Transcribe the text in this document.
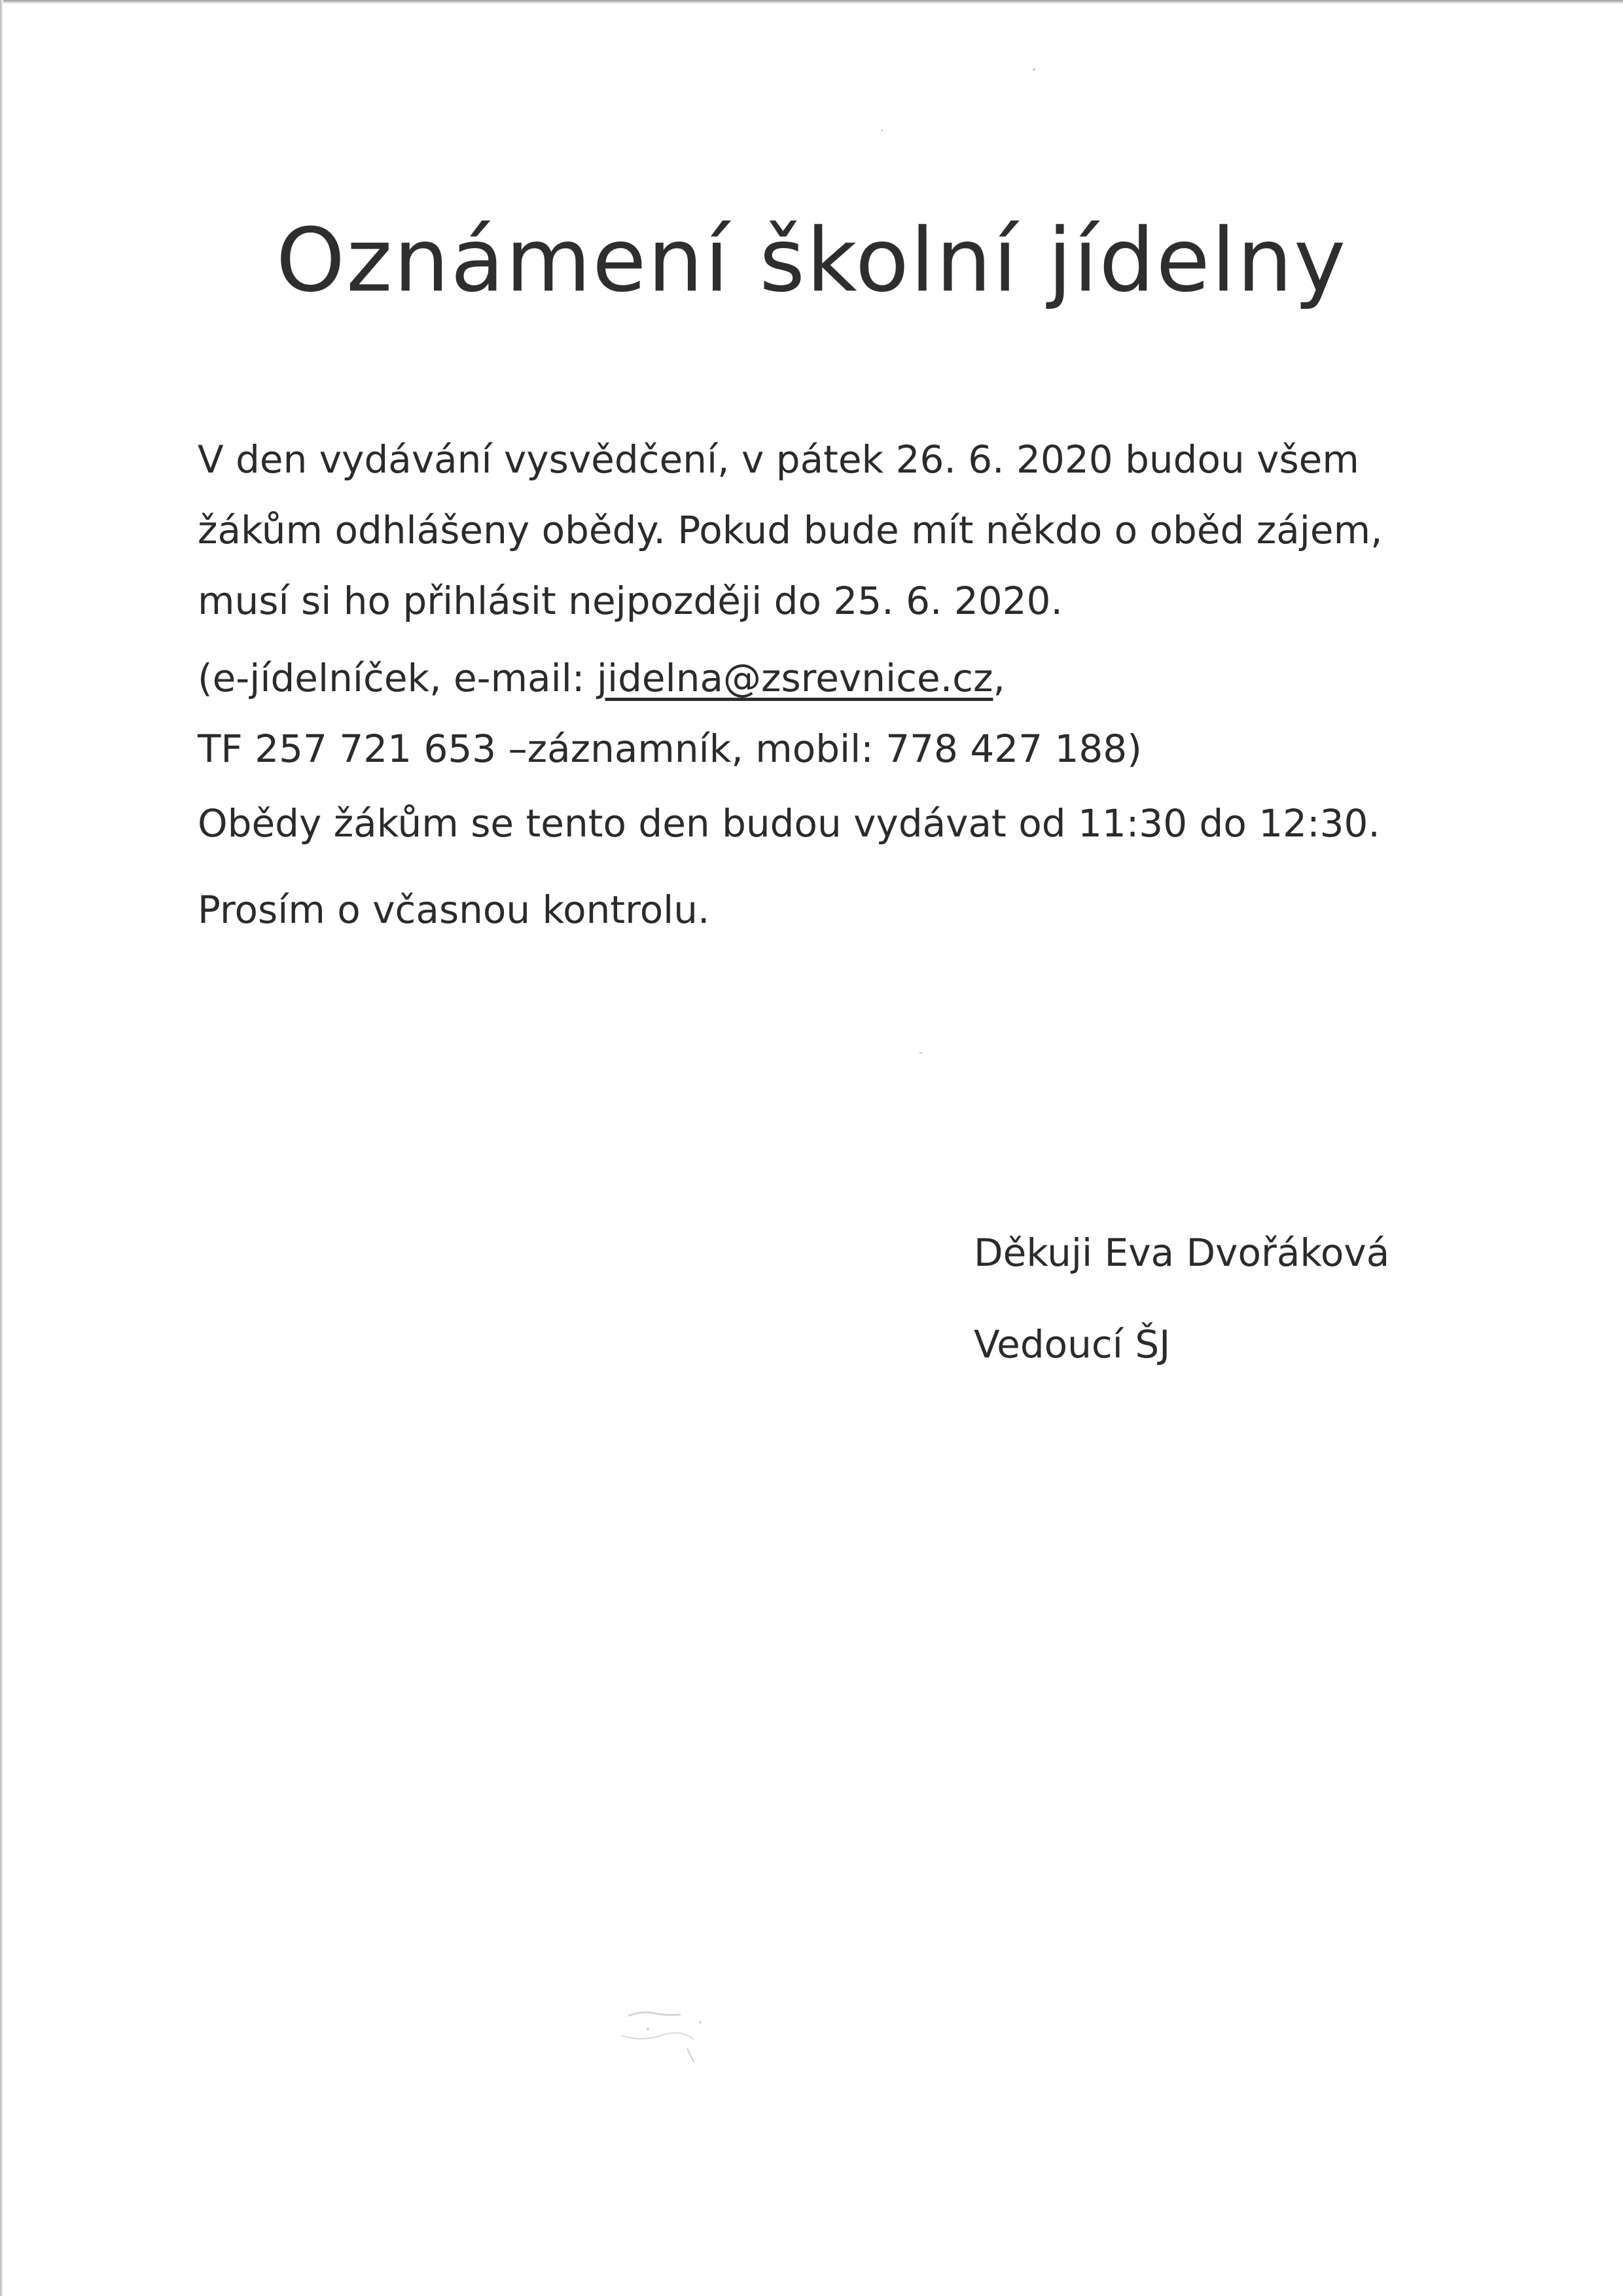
Oznámení školní jídelny

V den vydávání vysvědčení, v pátek 26. 6. 2020 budou všem
žákům odhlášeny obědy. Pokud bude mít někdo o oběd zájem,
musí si ho přihlásit nejpozději do 25. 6. 2020.

(e-jídelníček, e-mail: jidelna@zsrevnice.cz,
TF 257 721 653 –záznamník, mobil: 778 427 188)

Obědy žákům se tento den budou vydávat od 11:30 do 12:30.

Prosím o včasnou kontrolu.

Děkuji Eva Dvořáková

Vedoucí ŠJ
